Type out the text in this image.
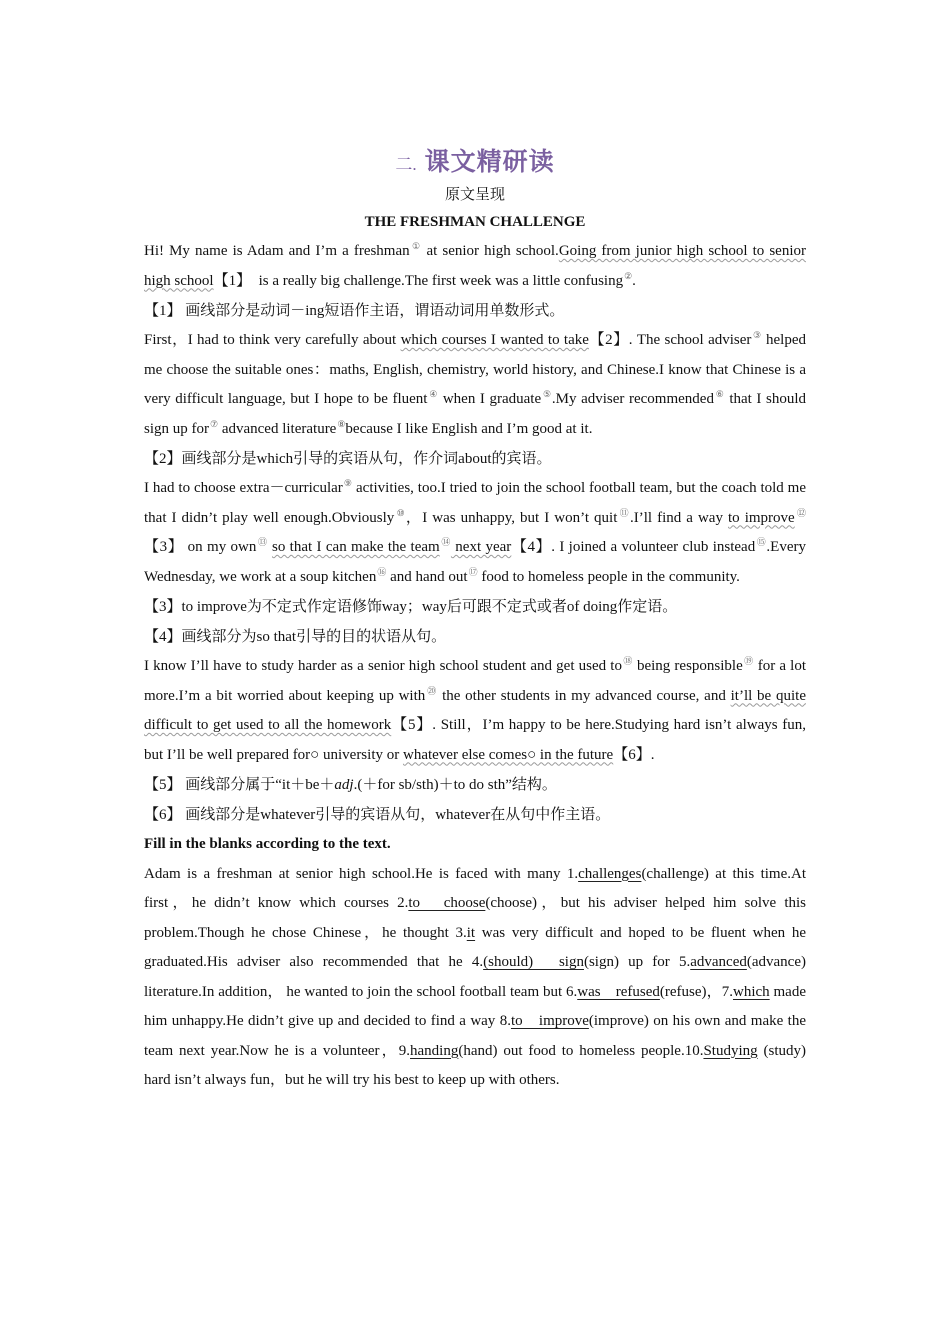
二. 课文精研读
原文呈现
THE FRESHMAN CHALLENGE

Hi! My name is Adam and I’m a freshman① at senior high school.Going from junior high school to senior high school【1】　is a really big challenge.The first week was a little confusing②.

【1】 画线部分是动词－ing短语作主语，谓语动词用单数形式。

First，I had to think very carefully about which courses I wanted to take【2】. The school adviser③ helped me choose the suitable ones：maths, English, chemistry, world history, and Chinese.I know that Chinese is a very difficult language, but I hope to be fluent④ when I graduate⑤.My adviser recommended⑥ that I should sign up for⑦ advanced literature⑧because I like English and I’m good at it.

【2】画线部分是which引导的宾语从句，作介词about的宾语。

I had to choose extra－curricular⑨ activities, too.I tried to join the school football team, but the coach told me that I didn’t play well enough.Obviously⑩，I was unhappy, but I won’t quit⑪.I’ll find a way to improve⑫【3】 on my own⑬ so that I can make the team⑭ next year【4】. I joined a volunteer club instead⑮.Every Wednesday, we work at a soup kitchen⑯ and hand out⑰ food to homeless people in the community.

【3】to improve为不定式作定语修饰way；way后可跟不定式或者of doing作定语。

【4】画线部分为so that引导的目的状语从句。

I know I’ll have to study harder as a senior high school student and get used to⑱ being responsible⑲ for a lot more.I’m a bit worried about keeping up with⑳ the other students in my advanced course, and it’ll be quite difficult to get used to all the homework【5】. Still，I’m happy to be here.Studying hard isn’t always fun, but I’ll be well prepared for○ university or whatever else comes○ in the future【6】.

【5】 画线部分属于“it＋be＋adj.(＋for sb/sth)＋to do sth”结构。

【6】 画线部分是whatever引导的宾语从句，whatever在从句中作主语。

Fill in the blanks according to the text.

Adam is a freshman at senior high school.He is faced with many 1.challenges(challenge) at this time.At first，he didn’t know which courses 2.to　choose(choose)，but his adviser helped him solve this problem.Though he chose Chinese，he thought 3.it was very difficult and hoped to be fluent when he graduated.His adviser also recommended that he 4.(should)　sign(sign) up for 5.advanced(advance) literature.In addition， he wanted to join the school football team but 6.was　refused(refuse)，7.which made him unhappy.He didn’t give up and decided to find a way 8.to　improve(improve) on his own and make the team next year.Now he is a volunteer，9.handing(hand) out food to homeless people.10.Studying (study) hard isn’t always fun，but he will try his best to keep up with others.
